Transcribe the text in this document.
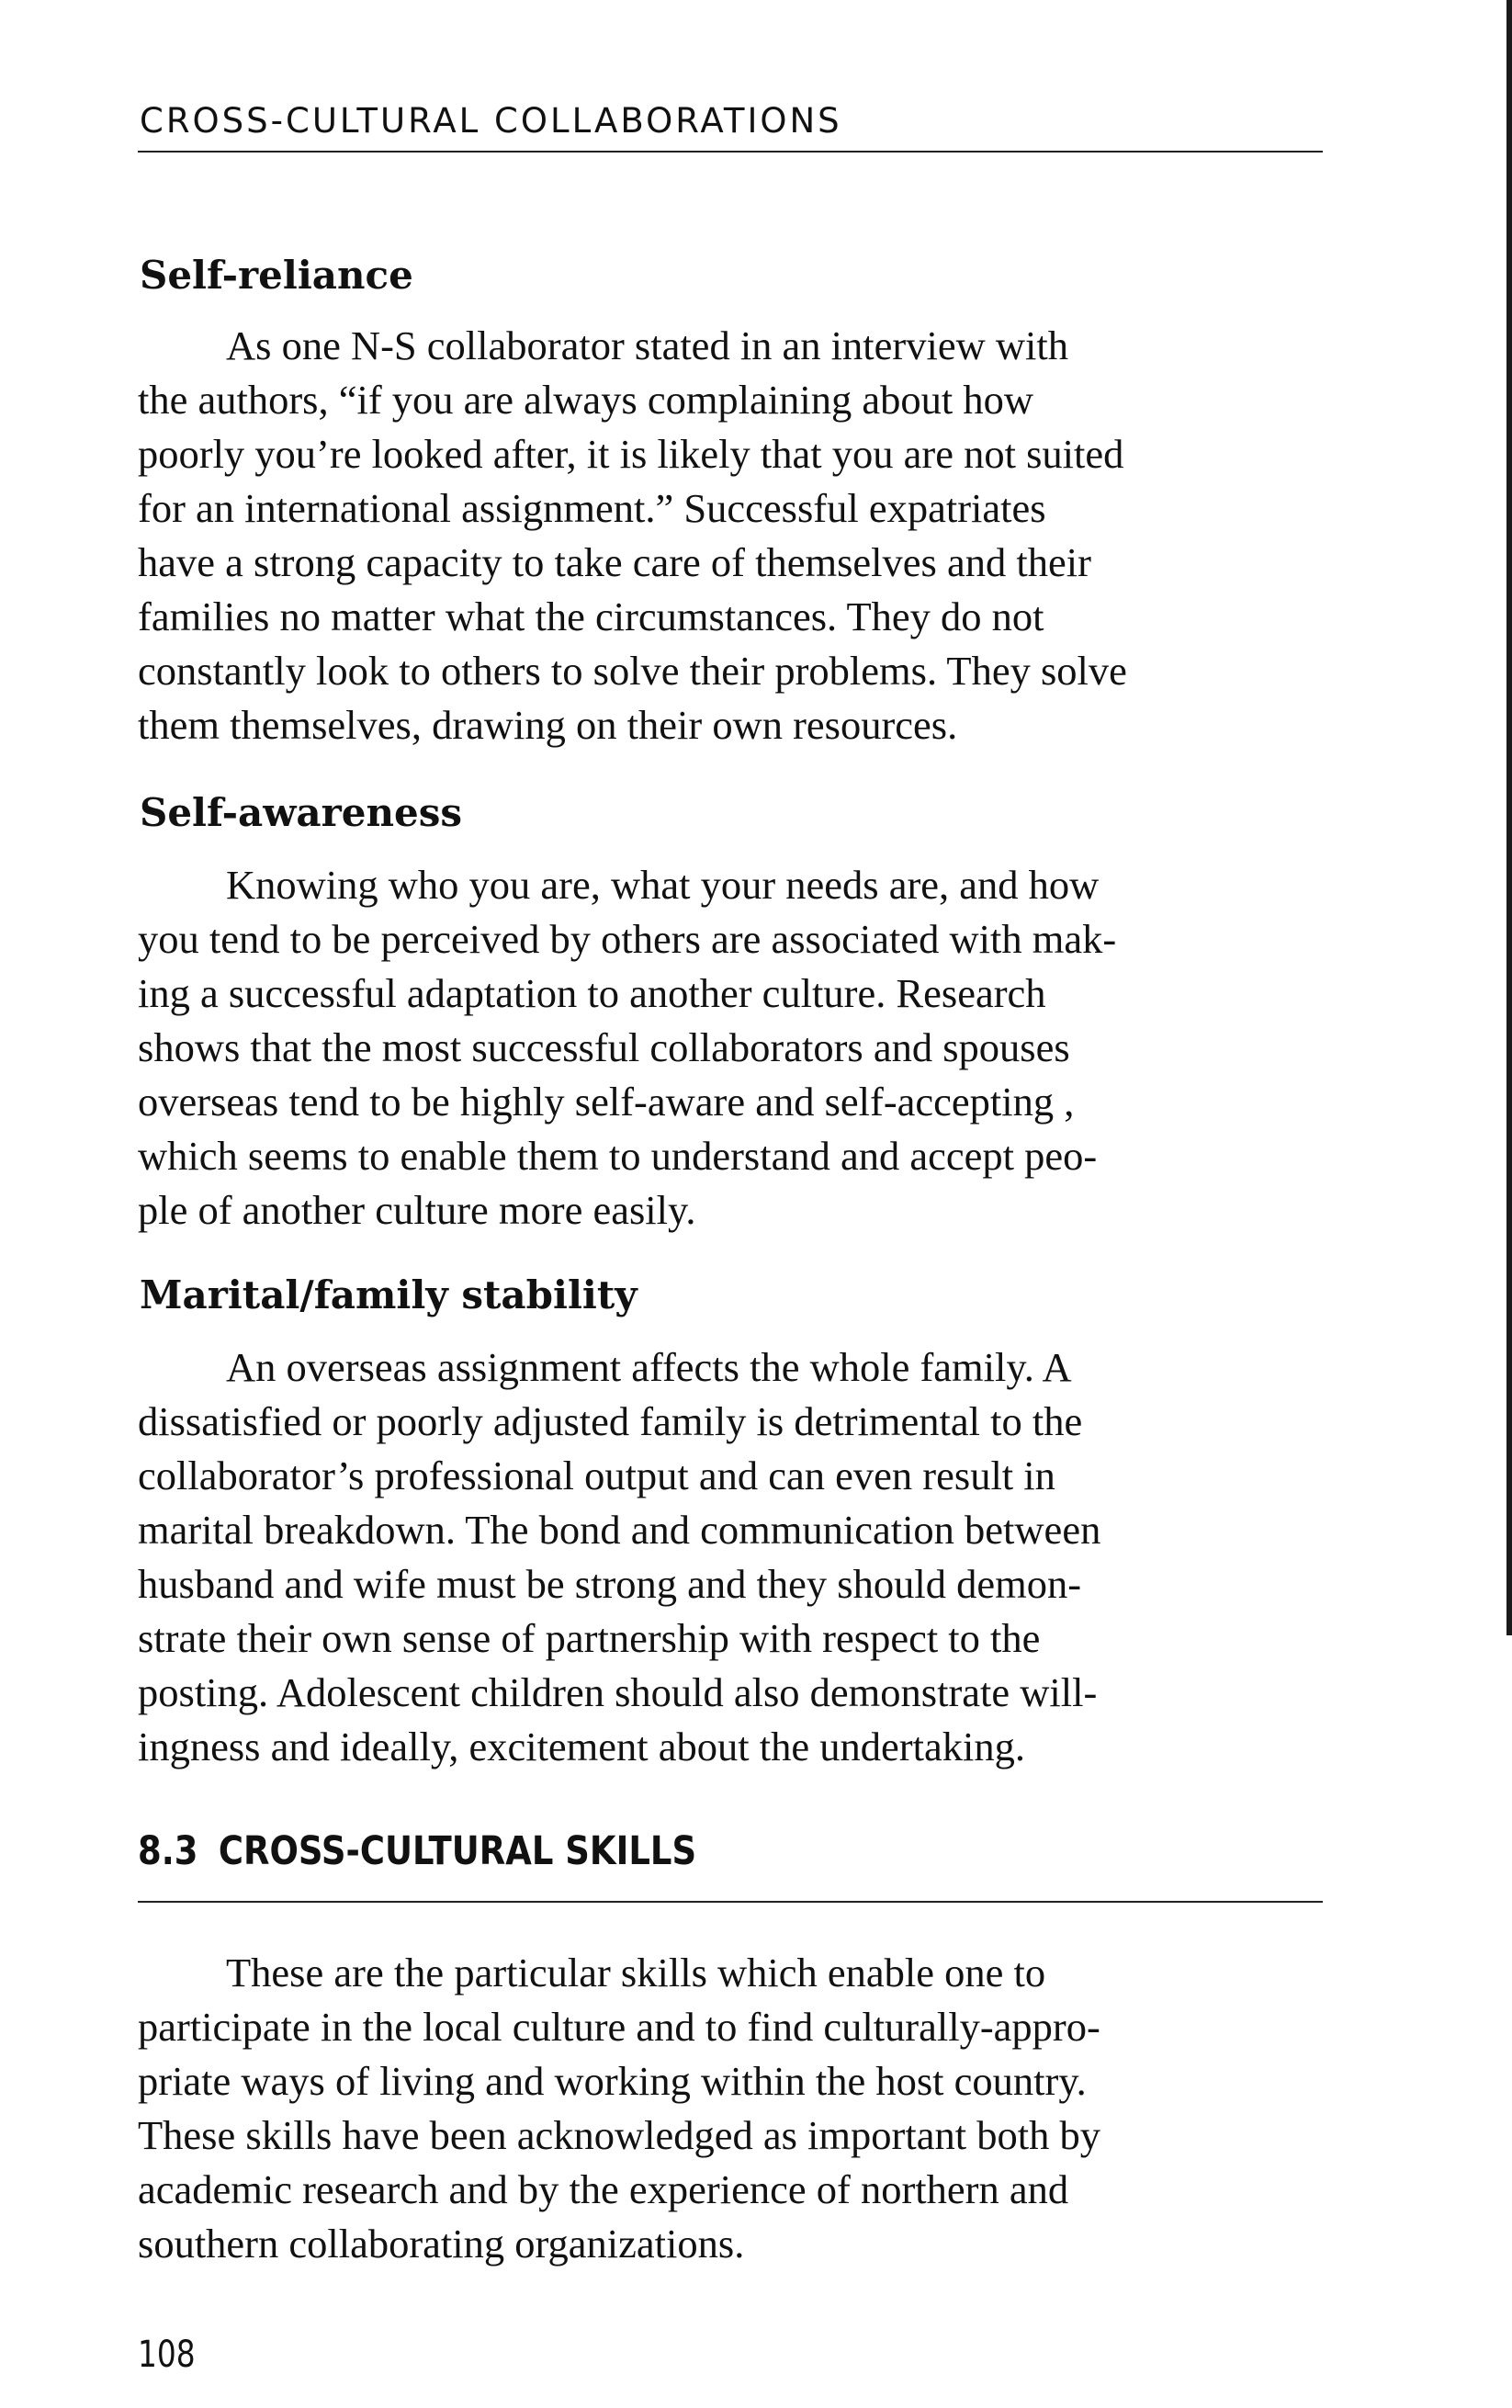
CROSS-CULTURAL COLLABORATIONS
Self-reliance

As one N-S collaborator stated in an interview with
the authors, “if you are always complaining about how
poorly you’re looked after, it is likely that you are not suited
for an international assignment.” Successful expatriates
have a strong capacity to take care of themselves and their
families no matter what the circumstances. They do not
constantly look to others to solve their problems. They solve
them themselves, drawing on their own resources.

Self-awareness

Knowing who you are, what your needs are, and how
you tend to be perceived by others are associated with mak-
ing a successful adaptation to another culture. Research
shows that the most successful collaborators and spouses
overseas tend to be highly self-aware and self-accepting ,
which seems to enable them to understand and accept peo-
ple of another culture more easily.

Marital/family stability

An overseas assignment affects the whole family. A
dissatisfied or poorly adjusted family is detrimental to the
collaborator’s professional output and can even result in
marital breakdown. The bond and communication between
husband and wife must be strong and they should demon-
strate their own sense of partnership with respect to the
posting. Adolescent children should also demonstrate will-
ingness and ideally, excitement about the undertaking.

8.3 CROSS-CULTURAL SKILLS

These are the particular skills which enable one to
participate in the local culture and to find culturally-appro-
priate ways of living and working within the host country.
These skills have been acknowledged as important both by
academic research and by the experience of northern and
southern collaborating organizations.

108
